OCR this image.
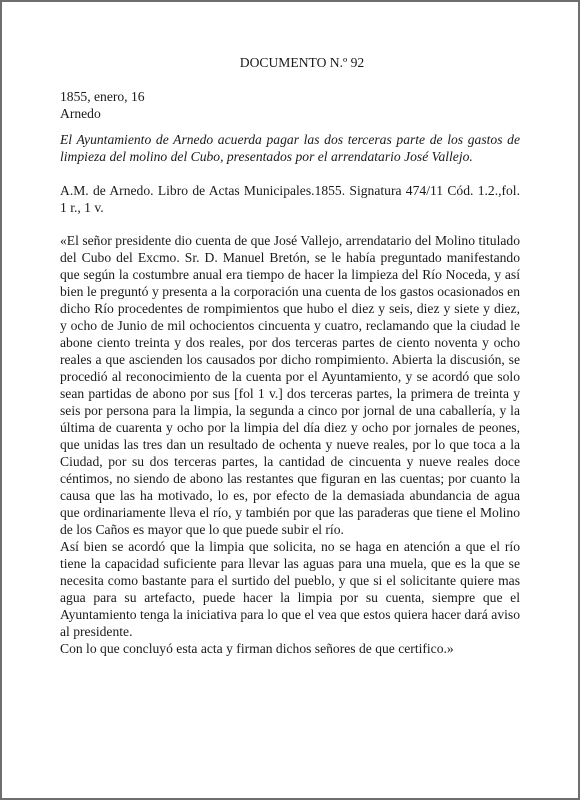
DOCUMENTO N.º 92
1855, enero, 16
Arnedo

El Ayuntamiento de Arnedo acuerda pagar las dos terceras parte de los gastos de limpieza del molino del Cubo, presentados por el arrendatario José Vallejo.

A.M. de Arnedo. Libro de Actas Municipales.1855. Signatura 474/11 Cód. 1.2.,fol. 1 r., 1 v.

«El señor presidente dio cuenta de que José Vallejo, arrendatario del Molino titulado del Cubo del Excmo. Sr. D. Manuel Bretón, se le había preguntado manifestando que según la costumbre anual era tiempo de hacer la limpieza del Río Noceda, y así bien le preguntó y presenta a la corporación una cuenta de los gastos ocasionados en dicho Río procedentes de rompimientos que hubo el diez y seis, diez y siete y diez, y ocho de Junio de mil ochocientos cincuenta y cuatro, reclamando que la ciudad le abone ciento treinta y dos reales, por dos terceras partes de ciento noventa y ocho reales a que ascienden los causados por dicho rompimiento. Abierta la discusión, se procedió al reconocimiento de la cuenta por el Ayuntamiento, y se acordó que solo sean partidas de abono por sus [fol 1 v.] dos terceras partes, la primera de treinta y seis por persona para la limpia, la segunda a cinco por jornal de una caballería, y la última de cuarenta y ocho por la limpia del día diez y ocho por jornales de peones, que unidas las tres dan un resultado de ochenta y nueve reales, por lo que toca a la Ciudad, por su dos terceras partes, la cantidad de cincuenta y nueve reales doce céntimos, no siendo de abono las restantes que figuran en las cuentas; por cuanto la causa que las ha motivado, lo es, por efecto de la demasiada abundancia de agua que ordinariamente lleva el río, y también por que las paraderas que tiene el Molino de los Caños es mayor que lo que puede subir el río.

Así bien se acordó que la limpia que solicita, no se haga en atención a que el río tiene la capacidad suficiente para llevar las aguas para una muela, que es la que se necesita como bastante para el surtido del pueblo, y que si el solicitante quiere mas agua para su artefacto, puede hacer la limpia por su cuenta, siempre que el Ayuntamiento tenga la iniciativa para lo que el vea que estos quiera hacer dará aviso al presidente.

Con lo que concluyó esta acta y firman dichos señores de que certifico.»
